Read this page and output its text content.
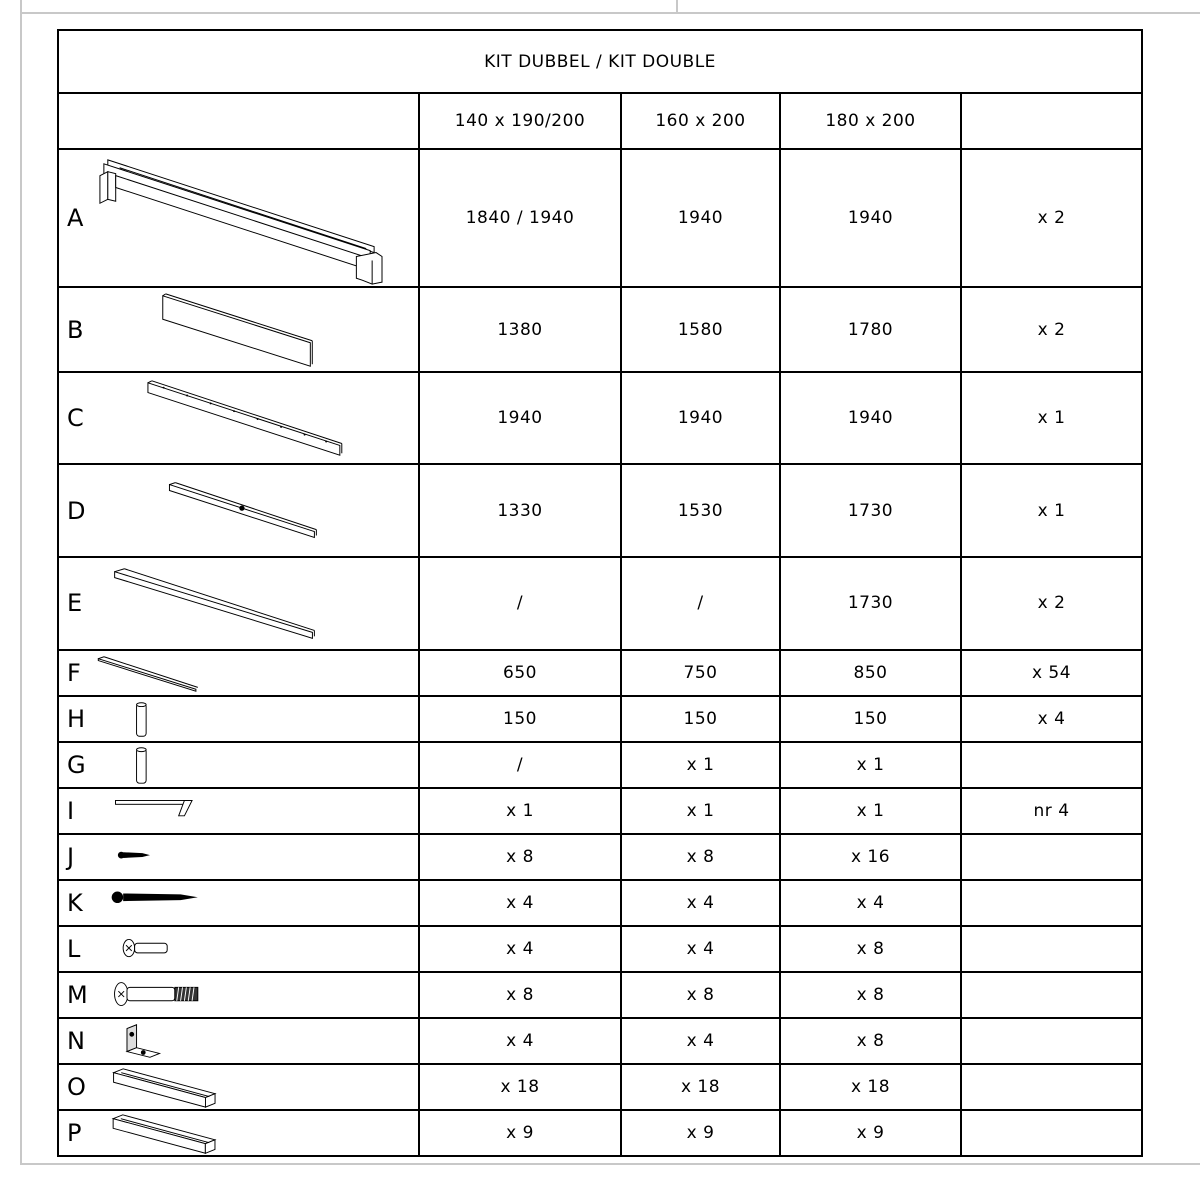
KIT DUBBEL / KIT DOUBLE				
	140 x 190/200	160 x 200	180 x 200	

A	1840 / 1940	1940	1940	x 2

B	1380	1580	1780	x 2

C	1940	1940	1940	x 1

D	1330	1530	1730	x 1

E	/	/	1730	x 2

F	650	750	850	x 54

H	150	150	150	x 4

G	/	x 1	x 1	

I	x 1	x 1	x 1	nr 4

J	x 8	x 8	x 16	

K	x 4	x 4	x 4	

L	x 4	x 4	x 8	

M	x 8	x 8	x 8	

N	x 4	x 4	x 8	

O	x 18	x 18	x 18	

P	x 9	x 9	x 9	
